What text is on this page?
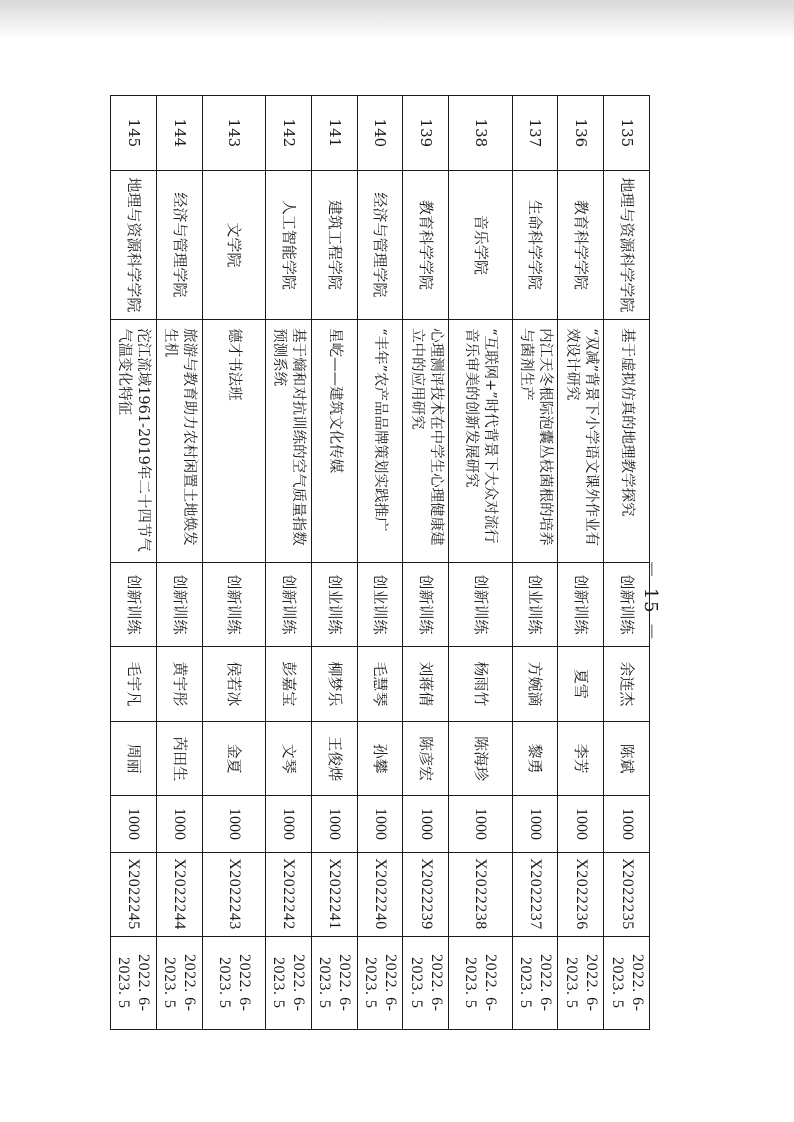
135	地理与资源科学学院	基于虚拟仿真的地理教学探究	创新训练	余连杰	陈斌	1000	X2022235	2022. 6-2023. 5
136	教育科学学院	“双减”背景下小学语文课外作业有效设计研究	创新训练	夏雪	李芳	1000	X2022236	2022. 6-2023. 5
137	生命科学学院	内江天冬根际泡囊丛枝菌根的培养与菌剂生产	创业训练	方婉滴	黎勇	1000	X2022237	2022. 6-2023. 5
138	音乐学院	“互联网+”时代背景下大众对流行音乐审美的创新发展研究	创新训练	杨雨竹	陈海珍	1000	X2022238	2022. 6-2023. 5
139	教育科学学院	心理测评技术在中学生心理健康建立中的应用研究	创新训练	刘蒋倩	陈彦宏	1000	X2022239	2022. 6-2023. 5
140	经济与管理学院	“丰年”农产品品牌策划实践推广	创业训练	毛慧琴	孙攀	1000	X2022240	2022. 6-2023. 5
141	建筑工程学院	星屹——建筑文化传媒	创业训练	柳梦乐	王俊烨	1000	X2022241	2022. 6-2023. 5
142	人工智能学院	基于熵和对抗训练的空气质量指数预测系统	创新训练	彭嘉宝	文琴	1000	X2022242	2022. 6-2023. 5
143	文学院	德才书法班	创新训练	侯若冰	金夏	1000	X2022243	2022. 6-2023. 5
144	经济与管理学院	旅游与教育助力农村闲置土地焕发生机	创新训练	黄宇彤	芮田生	1000	X2022244	2022. 6-2023. 5
145	地理与资源科学学院	沱江流域1961-2019年二十四节气气温变化特征	创新训练	毛宇凡	周丽	1000	X2022245	2022. 6-2023. 5
－ 15 －
